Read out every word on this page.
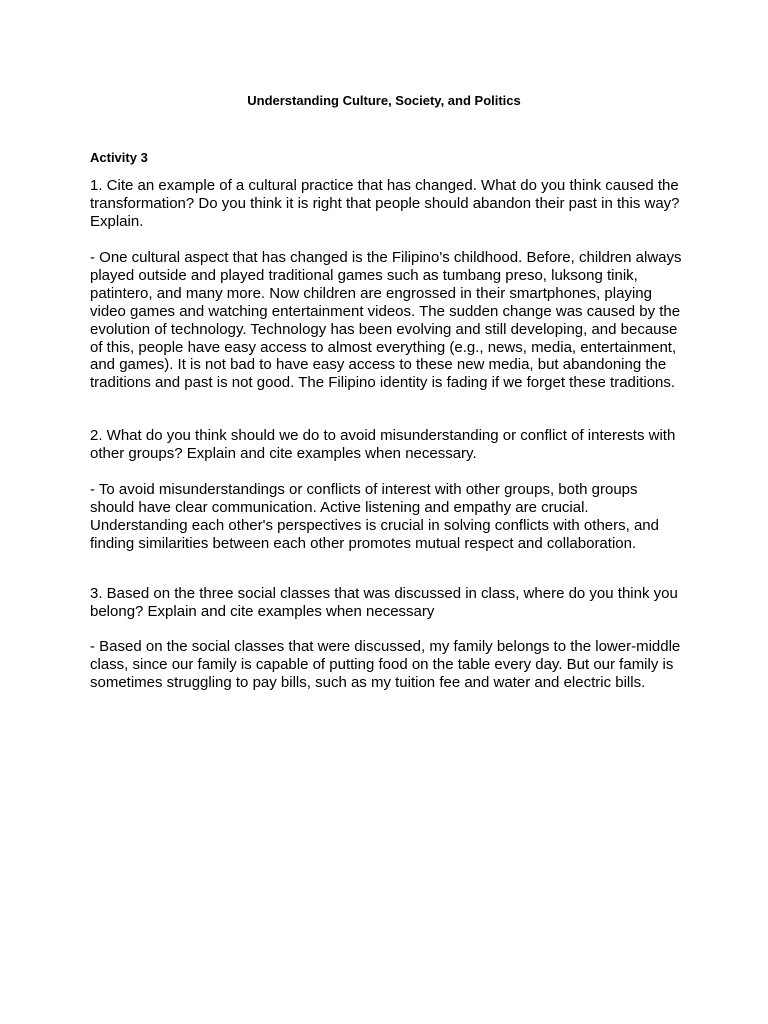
Understanding Culture, Society, and Politics
Activity 3

1. Cite an example of a cultural practice that has changed. What do you think caused the transformation? Do you think it is right that people should abandon their past in this way? Explain.

- One cultural aspect that has changed is the Filipino's childhood. Before, children always played outside and played traditional games such as tumbang preso, luksong tinik, patintero, and many more. Now children are engrossed in their smartphones, playing video games and watching entertainment videos. The sudden change was caused by the evolution of technology. Technology has been evolving and still developing, and because of this, people have easy access to almost everything (e.g., news, media, entertainment, and games). It is not bad to have easy access to these new media, but abandoning the traditions and past is not good. The Filipino identity is fading if we forget these traditions.

2. What do you think should we do to avoid misunderstanding or conflict of interests with other groups? Explain and cite examples when necessary.

- To avoid misunderstandings or conflicts of interest with other groups, both groups should have clear communication. Active listening and empathy are crucial. Understanding each other's perspectives is crucial in solving conflicts with others, and finding similarities between each other promotes mutual respect and collaboration.

3. Based on the three social classes that was discussed in class, where do you think you belong? Explain and cite examples when necessary

- Based on the social classes that were discussed, my family belongs to the lower-middle class, since our family is capable of putting food on the table every day. But our family is sometimes struggling to pay bills, such as my tuition fee and water and electric bills.
